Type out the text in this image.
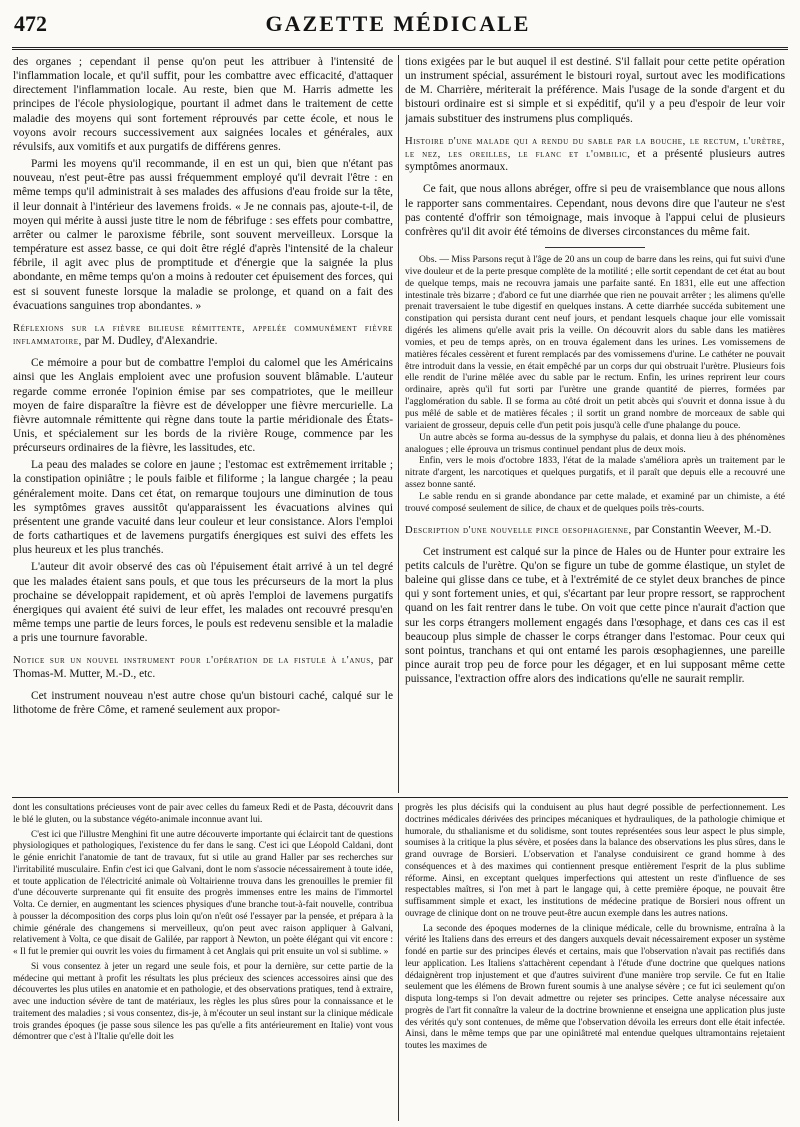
472	GAZETTE MÉDICALE

des organes ; cependant il pense qu'on peut les attribuer à l'intensité de l'inflammation locale, et qu'il suffit, pour les combattre avec efficacité, d'attaquer directement l'inflammation locale. Au reste, bien que M. Harris admette les principes de l'école physiologique, pourtant il admet dans le traitement de cette maladie des moyens qui sont fortement réprouvés par cette école, et nous le voyons avoir recours successivement aux saignées locales et générales, aux révulsifs, aux vomitifs et aux purgatifs de différens genres.

Parmi les moyens qu'il recommande, il en est un qui, bien que n'étant pas nouveau, n'est peut-être pas aussi fréquemment employé qu'il devrait l'être : en même temps qu'il administrait à ses malades des affusions d'eau froide sur la tête, il leur donnait à l'intérieur des lavemens froids. « Je ne connais pas, ajoute-t-il, de moyen qui mérite à aussi juste titre le nom de fébrifuge : ses effets pour combattre, arrêter ou calmer le paroxisme fébrile, sont souvent merveilleux. Lorsque la température est assez basse, ce qui doit être réglé d'après l'intensité de la chaleur fébrile, il agit avec plus de promptitude et d'énergie que la saignée la plus abondante, en même temps qu'on a moins à redouter cet épuisement des forces, qui est si souvent funeste lorsque la maladie se prolonge, et quand on a fait des évacuations sanguines trop abondantes. »

Réflexions sur la fièvre bilieuse rémittente, appelée communément fièvre inflammatoire, par M. Dudley, d'Alexandrie.

Ce mémoire a pour but de combattre l'emploi du calomel que les Américains ainsi que les Anglais emploient avec une profusion souvent blâmable. L'auteur regarde comme erronée l'opinion émise par ses compatriotes, que le meilleur moyen de faire disparaître la fièvre est de développer une fièvre mercurielle. La fièvre automnale rémittente qui règne dans toute la partie méridionale des États-Unis, et spécialement sur les bords de la rivière Rouge, commence par les précurseurs ordinaires de la fièvre, les lassitudes, etc.

La peau des malades se colore en jaune ; l'estomac est extrêmement irritable ; la constipation opiniâtre ; le pouls faible et filiforme ; la langue chargée ; la peau généralement moite. Dans cet état, on remarque toujours une diminution de tous les symptômes graves aussitôt qu'apparaissent les évacuations alvines qui présentent une grande vacuité dans leur couleur et leur consistance. Alors l'emploi de forts cathartiques et de lavemens purgatifs énergiques est suivi des effets les plus heureux et les plus tranchés.

L'auteur dit avoir observé des cas où l'épuisement était arrivé à un tel degré que les malades étaient sans pouls, et que tous les précurseurs de la mort la plus prochaine se développait rapidement, et où après l'emploi de lavemens purgatifs énergiques qui avaient été suivi de leur effet, les malades ont recouvré presqu'en même temps une partie de leurs forces, le pouls est redevenu sensible et la maladie a pris une tournure favorable.

Notice sur un nouvel instrument pour l'opération de la fistule à l'anus, par Thomas-M. Mutter, M.-D., etc.

Cet instrument nouveau n'est autre chose qu'un bistouri caché, calqué sur le lithotome de frère Côme, et ramené seulement aux propor-

tions exigées par le but auquel il est destiné. S'il fallait pour cette petite opération un instrument spécial, assurément le bistouri royal, surtout avec les modifications de M. Charrière, mériterait la préférence. Mais l'usage de la sonde d'argent et du bistouri ordinaire est si simple et si expéditif, qu'il y a peu d'espoir de leur voir jamais substituer des instrumens plus compliqués.

Histoire d'une malade qui a rendu du sable par la bouche, le rectum, l'urètre, le nez, les oreilles, le flanc et l'ombilic, et a présenté plusieurs autres symptômes anormaux.

Ce fait, que nous allons abréger, offre si peu de vraisemblance que nous allons le rapporter sans commentaires. Cependant, nous devons dire que l'auteur ne s'est pas contenté d'offrir son témoignage, mais invoque à l'appui celui de plusieurs confrères qu'il dit avoir été témoins de diverses circonstances du même fait.

Obs. — Miss Parsons reçut à l'âge de 20 ans un coup de barre dans les reins, qui fut suivi d'une vive douleur et de la perte presque complète de la motilité ; elle sortit cependant de cet état au bout de quelque temps, mais ne recouvra jamais une parfaite santé. En 1831, elle eut une affection intestinale très bizarre ; d'abord ce fut une diarrhée que rien ne pouvait arrêter ; les alimens qu'elle prenait traversaient le tube digestif en quelques instans. A cette diarrhée succéda subitement une constipation qui persista durant cent neuf jours, et pendant lesquels chaque jour elle vomissait digérés les alimens qu'elle avait pris la veille. On découvrit alors du sable dans les matières vomies, et peu de temps après, on en trouva également dans les urines. Les vomissemens de matières fécales cessèrent et furent remplacés par des vomissemens d'urine. Le cathéter ne pouvait être introduit dans la vessie, en était empêché par un corps dur qui obstruait l'urètre. Plusieurs fois elle rendit de l'urine mêlée avec du sable par le rectum. Enfin, les urines reprirent leur cours ordinaire, après qu'il fut sorti par l'urètre une grande quantité de pierres, formées par l'agglomération du sable. Il se forma au côté droit un petit abcès qui s'ouvrit et donna issue à du pus mêlé de sable et de matières fécales ; il sortit un grand nombre de morceaux de sable qui variaient de grosseur, depuis celle d'un petit pois jusqu'à celle d'une phalange du pouce.

Un autre abcès se forma au-dessus de la symphyse du palais, et donna lieu à des phénomènes analogues ; elle éprouva un trismus continuel pendant plus de deux mois.

Enfin, vers le mois d'octobre 1833, l'état de la malade s'améliora après un traitement par le nitrate d'argent, les narcotiques et quelques purgatifs, et il paraît que depuis elle a recouvré une assez bonne santé.

Le sable rendu en si grande abondance par cette malade, et examiné par un chimiste, a été trouvé composé seulement de silice, de chaux et de quelques poils très-courts.

Description d'une nouvelle pince oesophagienne, par Constantin Weever, M.-D.

Cet instrument est calqué sur la pince de Hales ou de Hunter pour extraire les petits calculs de l'urètre. Qu'on se figure un tube de gomme élastique, un stylet de baleine qui glisse dans ce tube, et à l'extrémité de ce stylet deux branches de pince qui y sont fortement unies, et qui, s'écartant par leur propre ressort, se rapprochent quand on les fait rentrer dans le tube. On voit que cette pince n'aurait d'action que sur les corps étrangers mollement engagés dans l'œsophage, et dans ces cas il est beaucoup plus simple de chasser le corps étranger dans l'estomac. Pour ceux qui sont pointus, tranchans et qui ont entamé les parois œsophagiennes, une pareille pince aurait trop peu de force pour les dégager, et en lui supposant même cette puissance, l'extraction offre alors des indications qu'elle ne saurait remplir.

dont les consultations précieuses vont de pair avec celles du fameux Redi et de Pasta, découvrit dans le blé le gluten, ou la substance végéto-animale inconnue avant lui.

C'est ici que l'illustre Menghini fit une autre découverte importante qui éclaircit tant de questions physiologiques et pathologiques, l'existence du fer dans le sang. C'est ici que Léopold Caldani, dont le génie enrichit l'anatomie de tant de travaux, fut si utile au grand Haller par ses recherches sur l'irritabilité musculaire. Enfin c'est ici que Galvani, dont le nom s'associe nécessairement à toute idée, et toute application de l'électricité animale où Voltairienne trouva dans les grenouilles le premier fil d'une découverte surprenante qui fit ensuite des progrès immenses entre les mains de l'immortel Volta. Ce dernier, en augmentant les sciences physiques d'une branche tout-à-fait nouvelle, contribua à pousser la décomposition des corps plus loin qu'on n'eût osé l'essayer par la pensée, et prépara à la chimie générale des changemens si merveilleux, qu'on peut avec raison appliquer à Galvani, relativement à Volta, ce que disait de Galilée, par rapport à Newton, un poète élégant qui vit encore : « Il fut le premier qui ouvrit les voies du firmament à cet Anglais qui prit ensuite un vol si sublime. »

Si vous consentez à jeter un regard une seule fois, et pour la dernière, sur cette partie de la médecine qui mettant à profit les résultats les plus précieux des sciences accessoires ainsi que des découvertes les plus utiles en anatomie et en pathologie, et des observations pratiques, tend à extraire, avec une induction sévère de tant de matériaux, les règles les plus sûres pour la connaissance et le traitement des maladies ; si vous consentez, dis-je, à m'écouter un seul instant sur la clinique médicale trois grandes époques (je passe sous silence les pas qu'elle a fits antérieurement en Italie) vont vous démontrer que c'est à l'Italie qu'elle doit les

progrès les plus décisifs qui la conduisent au plus haut degré possible de perfectionnement. Les doctrines médicales dérivées des principes mécaniques et hydrauliques, de la pathologie chimique et humorale, du sthalianisme et du solidisme, sont toutes représentées sous leur aspect le plus simple, soumises à la critique la plus sévère, et posées dans la balance des observations les plus sûres, dans le grand ouvrage de Borsieri. L'observation et l'analyse conduisirent ce grand homme à des conséquences et à des maximes qui contiennent presque entièrement l'esprit de la plus sublime réforme. Ainsi, en exceptant quelques imperfections qui attestent un reste d'influence de ses respectables maîtres, si l'on met à part le langage qui, à cette première époque, ne pouvait être suffisamment simple et exact, les institutions de médecine pratique de Borsieri nous offrent un ouvrage de clinique dont on ne trouve peut-être aucun exemple dans les autres nations.

La seconde des époques modernes de la clinique médicale, celle du brownisme, entraîna à la vérité les Italiens dans des erreurs et des dangers auxquels devait nécessairement exposer un système fondé en partie sur des principes élevés et certains, mais que l'observation n'avait pas rectifiés dans leur application. Les Italiens s'attachèrent cependant à l'étude d'une doctrine que quelques nations dédaignèrent trop injustement et que d'autres suivirent d'une manière trop servile. Ce fut en Italie seulement que les élémens de Brown furent soumis à une analyse sévère ; ce fut ici seulement qu'on disputa long-temps si l'on devait admettre ou rejeter ses principes. Cette analyse nécessaire aux progrès de l'art fit connaître la valeur de la doctrine brownienne et enseigna une application plus juste des vérités qu'y sont contenues, de même que l'observation dévoila les erreurs dont elle était infectée. Ainsi, dans le même temps que par une opiniâtreté mal entendue quelques ultramontains rejetaient toutes les maximes de
